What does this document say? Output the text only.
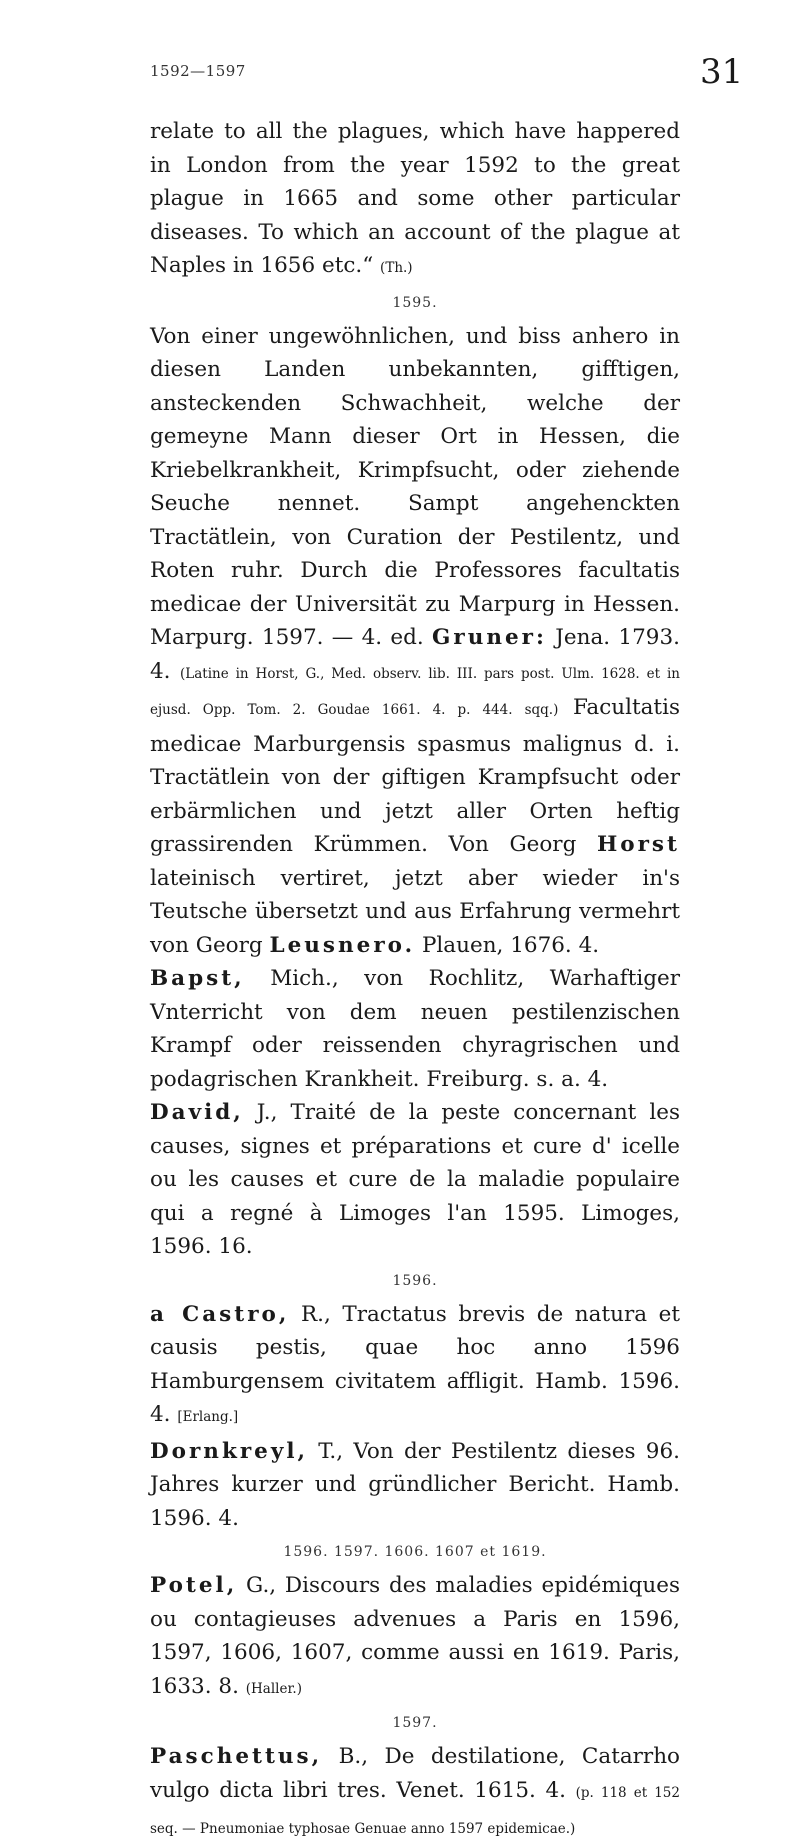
1592—1597	31

relate to all the plagues, which have happered in London from the year 1592 to the great plague in 1665 and some other particular diseases. To which an account of the plague at Naples in 1656 etc.“ (Th.)

1595.

Von einer ungewöhnlichen, und biss anhero in diesen Landen unbekannten, gifftigen, ansteckenden Schwachheit, welche der gemeyne Mann dieser Ort in Hessen, die Kriebelkrankheit, Krimpfsucht, oder ziehende Seuche nennet. Sampt angehenckten Tractätlein, von Curation der Pestilentz, und Roten ruhr. Durch die Professores facultatis medicae der Universität zu Marpurg in Hessen. Marpurg. 1597. — 4. ed. Gruner: Jena. 1793. 4. (Latine in Horst, G., Med. observ. lib. III. pars post. Ulm. 1628. et in ejusd. Opp. Tom. 2. Goudae 1661. 4. p. 444. sqq.) Facultatis medicae Marburgensis spasmus malignus d. i. Tractätlein von der giftigen Krampfsucht oder erbärmlichen und jetzt aller Orten heftig grassirenden Krümmen. Von Georg Horst lateinisch vertiret, jetzt aber wieder in's Teutsche übersetzt und aus Erfahrung vermehrt von Georg Leusnero. Plauen, 1676. 4.

Bapst, Mich., von Rochlitz, Warhaftiger Vnterricht von dem neuen pestilenzischen Krampf oder reissenden chyragrischen und podagrischen Krankheit. Freiburg. s. a. 4.

David, J., Traité de la peste concernant les causes, signes et préparations et cure d' icelle ou les causes et cure de la maladie populaire qui a regné à Limoges l'an 1595. Limoges, 1596. 16.

1596.

a Castro, R., Tractatus brevis de natura et causis pestis, quae hoc anno 1596 Hamburgensem civitatem affligit. Hamb. 1596. 4. [Erlang.]

Dornkreyl, T., Von der Pestilentz dieses 96. Jahres kurzer und gründlicher Bericht. Hamb. 1596. 4.

1596. 1597. 1606. 1607 et 1619.

Potel, G., Discours des maladies epidémiques ou contagieuses advenues a Paris en 1596, 1597, 1606, 1607, comme aussi en 1619. Paris, 1633. 8. (Haller.)

1597.

Paschettus, B., De destilatione, Catarrho vulgo dicta libri tres. Venet. 1615. 4. (p. 118 et 152 seq. — Pneumoniae typhosae Genuae anno 1597 epidemicae.)
